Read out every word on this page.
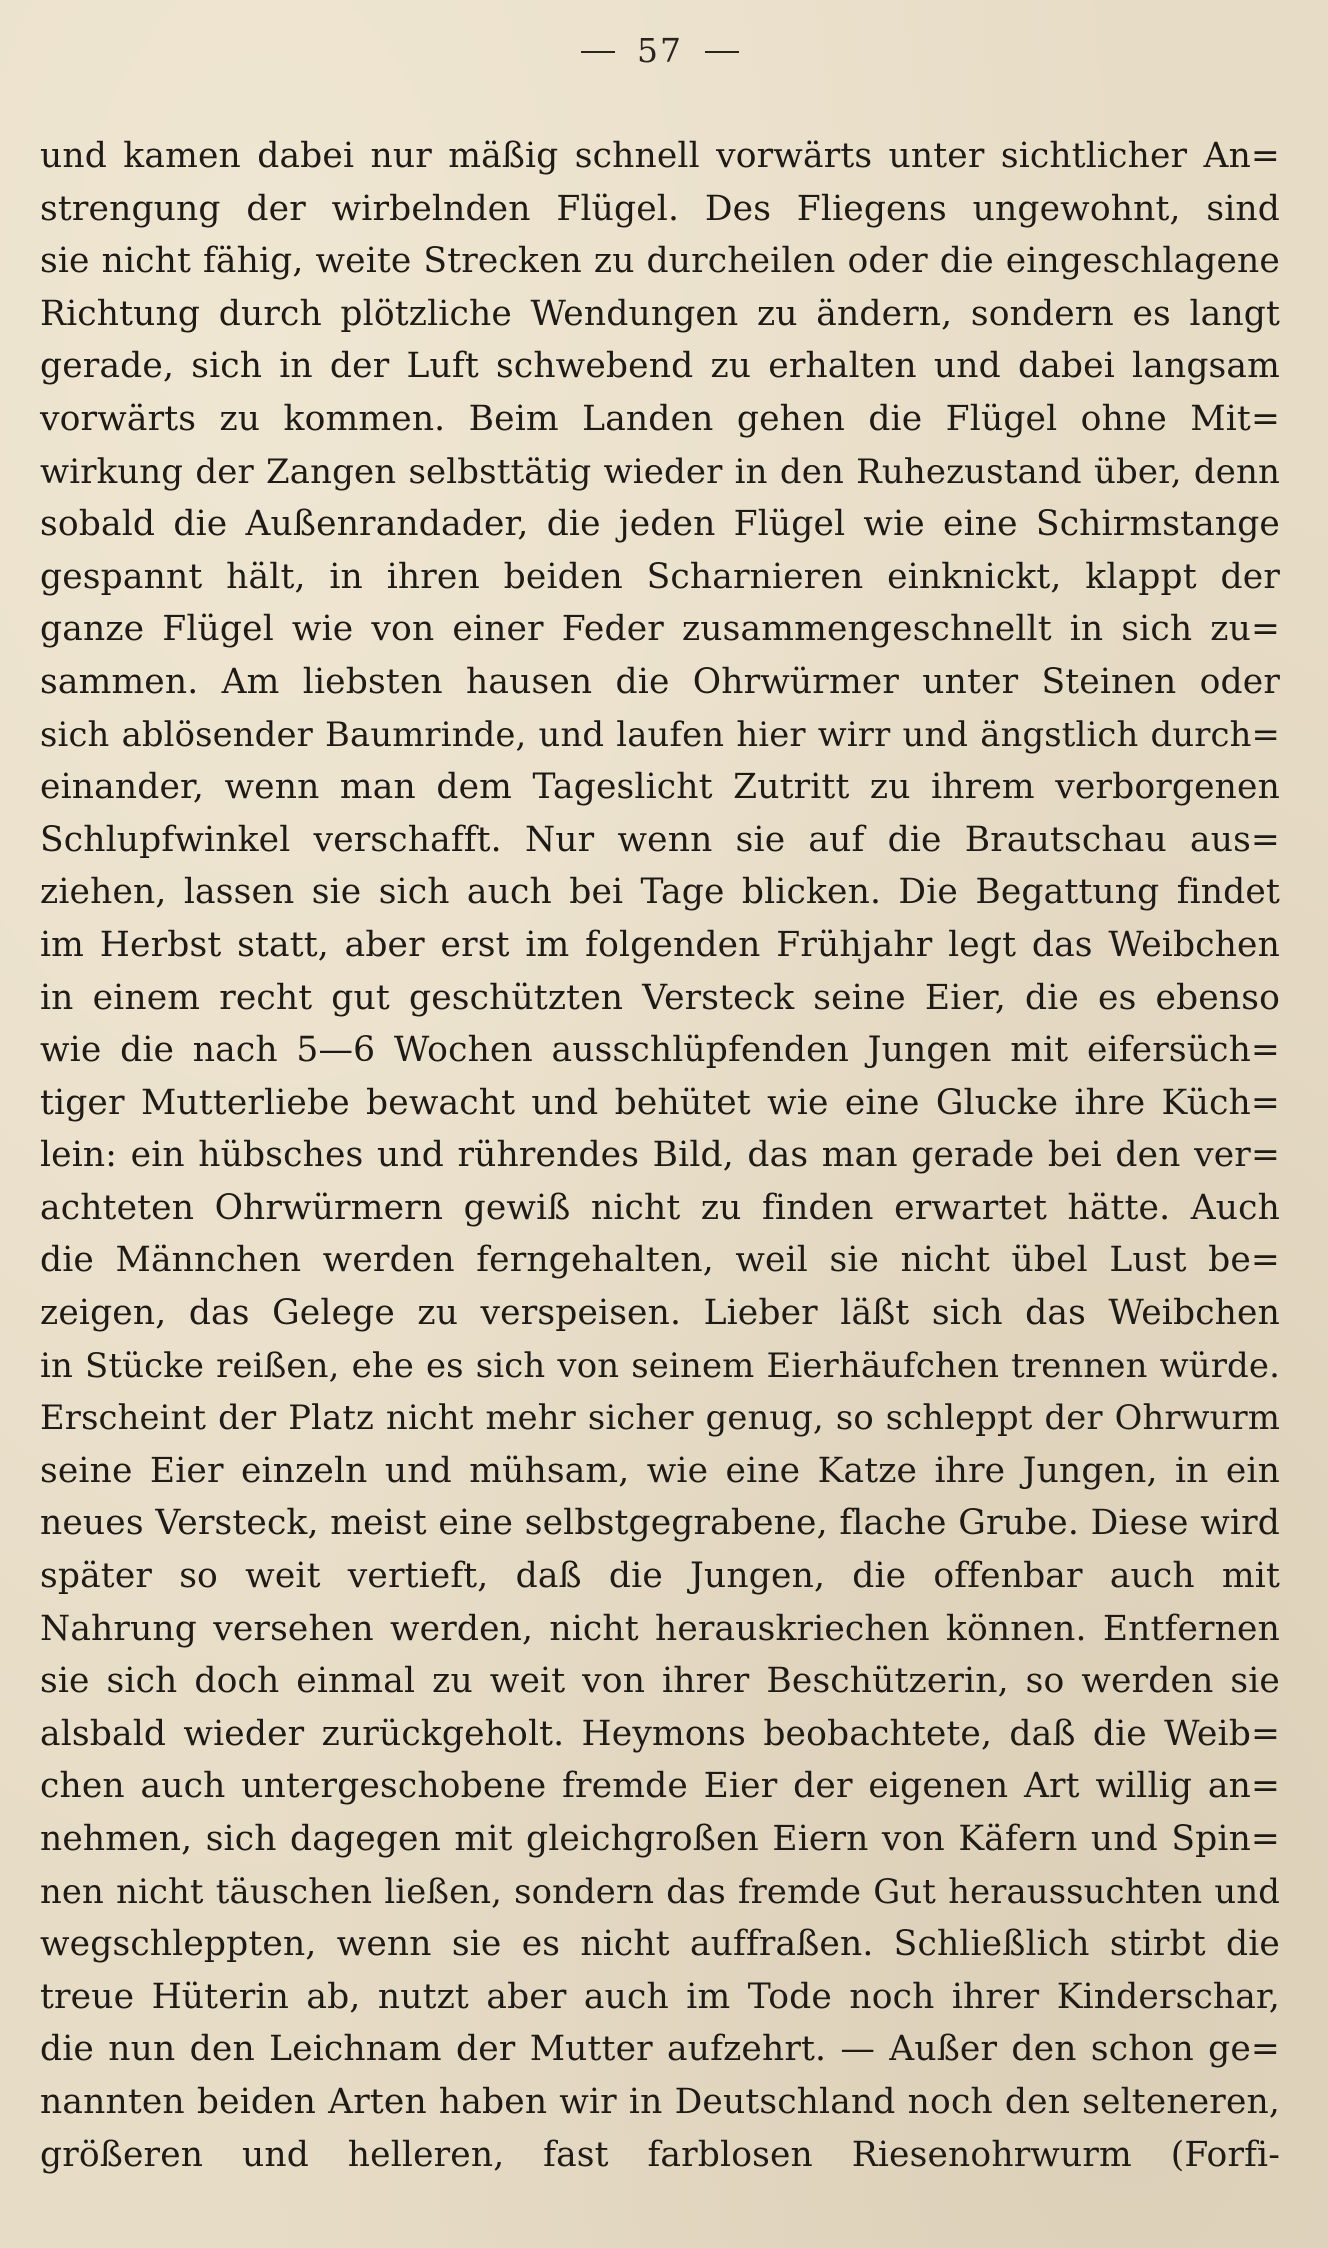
57
und kamen dabei nur mäßig schnell vorwärts unter sichtlicher An=
strengung der wirbelnden Flügel. Des Fliegens ungewohnt, sind
sie nicht fähig, weite Strecken zu durcheilen oder die eingeschlagene
Richtung durch plötzliche Wendungen zu ändern, sondern es langt
gerade, sich in der Luft schwebend zu erhalten und dabei langsam
vorwärts zu kommen. Beim Landen gehen die Flügel ohne Mit=
wirkung der Zangen selbsttätig wieder in den Ruhezustand über, denn
sobald die Außenrandader, die jeden Flügel wie eine Schirmstange
gespannt hält, in ihren beiden Scharnieren einknickt, klappt der
ganze Flügel wie von einer Feder zusammengeschnellt in sich zu=
sammen. Am liebsten hausen die Ohrwürmer unter Steinen oder
sich ablösender Baumrinde, und laufen hier wirr und ängstlich durch=
einander, wenn man dem Tageslicht Zutritt zu ihrem verborgenen
Schlupfwinkel verschafft. Nur wenn sie auf die Brautschau aus=
ziehen, lassen sie sich auch bei Tage blicken. Die Begattung findet
im Herbst statt, aber erst im folgenden Frühjahr legt das Weibchen
in einem recht gut geschützten Versteck seine Eier, die es ebenso
wie die nach 5—6 Wochen ausschlüpfenden Jungen mit eifersüch=
tiger Mutterliebe bewacht und behütet wie eine Glucke ihre Küch=
lein: ein hübsches und rührendes Bild, das man gerade bei den ver=
achteten Ohrwürmern gewiß nicht zu finden erwartet hätte. Auch
die Männchen werden ferngehalten, weil sie nicht übel Lust be=
zeigen, das Gelege zu verspeisen. Lieber läßt sich das Weibchen
in Stücke reißen, ehe es sich von seinem Eierhäufchen trennen würde.
Erscheint der Platz nicht mehr sicher genug, so schleppt der Ohrwurm
seine Eier einzeln und mühsam, wie eine Katze ihre Jungen, in ein
neues Versteck, meist eine selbstgegrabene, flache Grube. Diese wird
später so weit vertieft, daß die Jungen, die offenbar auch mit
Nahrung versehen werden, nicht herauskriechen können. Entfernen
sie sich doch einmal zu weit von ihrer Beschützerin, so werden sie
alsbald wieder zurückgeholt. Heymons beobachtete, daß die Weib=
chen auch untergeschobene fremde Eier der eigenen Art willig an=
nehmen, sich dagegen mit gleichgroßen Eiern von Käfern und Spin=
nen nicht täuschen ließen, sondern das fremde Gut heraussuchten und
wegschleppten, wenn sie es nicht auffraßen. Schließlich stirbt die
treue Hüterin ab, nutzt aber auch im Tode noch ihrer Kinderschar,
die nun den Leichnam der Mutter aufzehrt. — Außer den schon ge=
nannten beiden Arten haben wir in Deutschland noch den selteneren,
größeren und helleren, fast farblosen Riesenohrwurm (Forfi-
